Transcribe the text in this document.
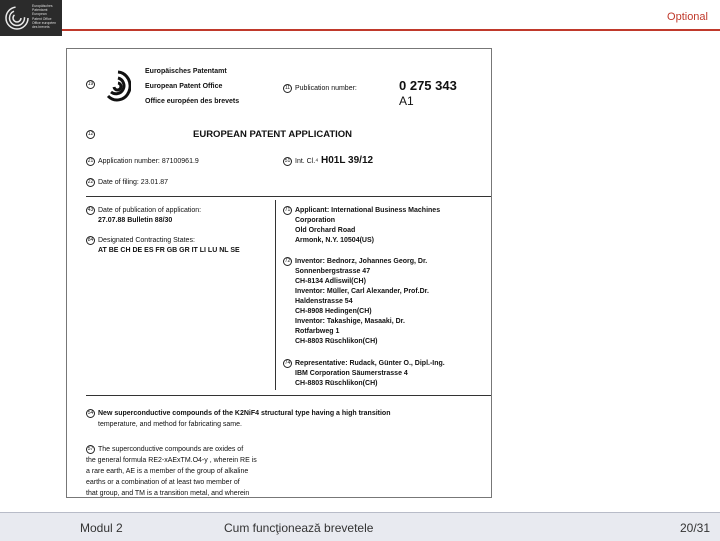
Europäisches
Patentamt
European
Patent Office
Office européen
des brevets
Optional
19
Europäisches Patentamt
European Patent Office
Office européen des brevets
11 Publication number:	0 275 343
A1
12	EUROPEAN PATENT APPLICATION
21 Application number: 87100961.9	51 Int. Cl.⁴ H01L 39/12
22 Date of filing: 23.01.87
43 Date of publication of application:
27.07.88 Bulletin 88/30
84 Designated Contracting States:
AT BE CH DE ES FR GB GR IT LI LU NL SE
71 Applicant: International Business Machines
Corporation
Old Orchard Road
Armonk, N.Y. 10504(US)
72 Inventor: Bednorz, Johannes Georg, Dr.
Sonnenbergstrasse 47
CH-8134 Adliswil(CH)
Inventor: Müller, Carl Alexander, Prof.Dr.
Haldenstrasse 54
CH-8908 Hedingen(CH)
Inventor: Takashige, Masaaki, Dr.
Rotfarbweg 1
CH-8803 Rüschlikon(CH)
74 Representative: Rudack, Günter O., Dipl.-Ing.
IBM Corporation Säumerstrasse 4
CH-8803 Rüschlikon(CH)
54 New superconductive compounds of the K2NiF4 structural type having a high transition
temperature, and method for fabricating same.
57 The superconductive compounds are oxides of
the general formula RE2-xAExTM.O4-y , wherein RE is
a rare earth, AE is a member of the group of alkaline
earths or a combination of at least two member of
that group, and TM is a transition metal, and wherein
Modul 2	Cum funcţionează brevetele	20/31
